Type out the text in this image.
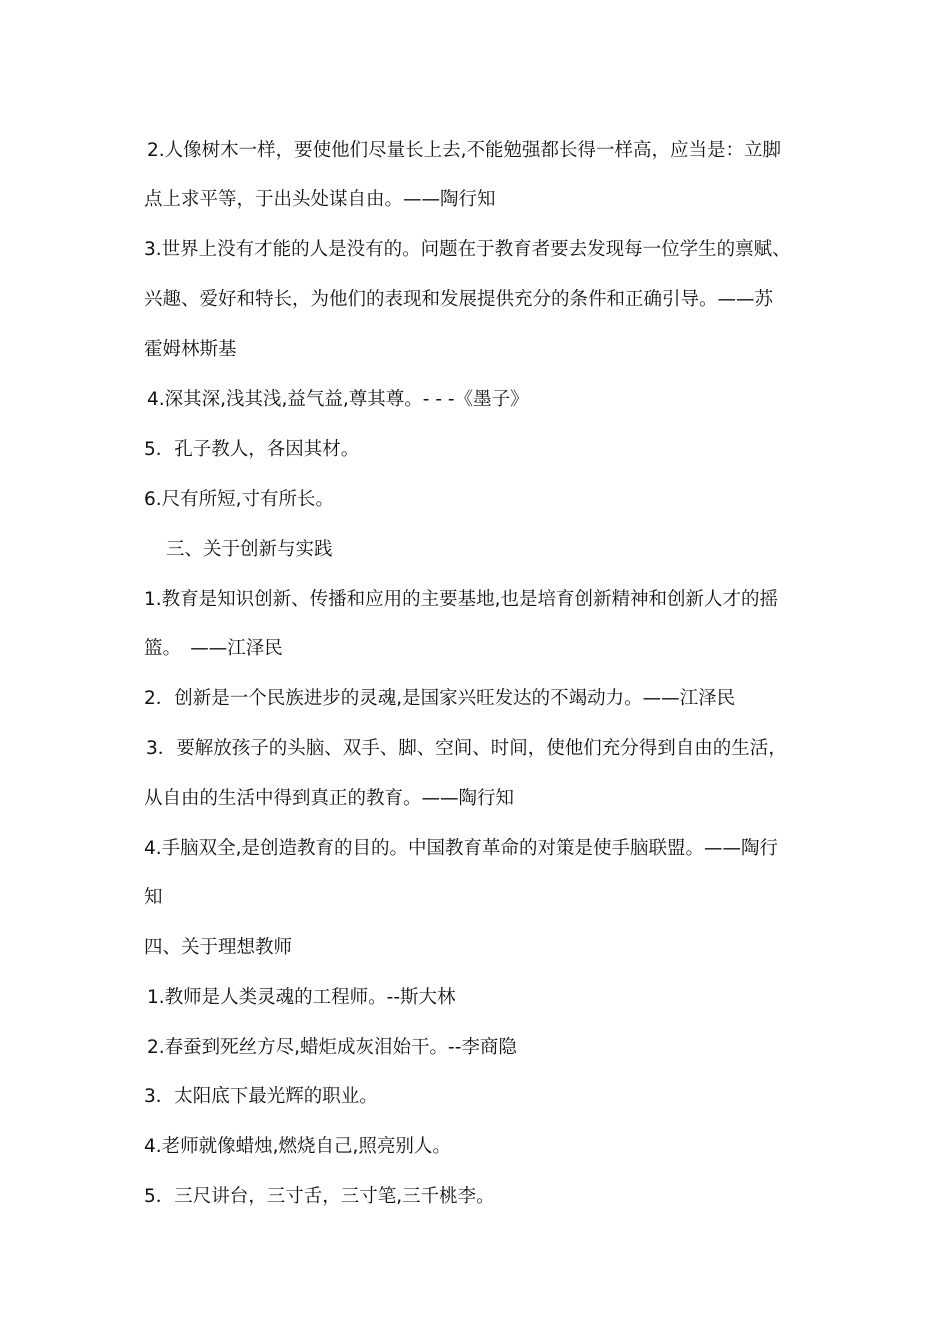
2.人像树木一样，要使他们尽量长上去,不能勉强都长得一样高，应当是：立脚
点上求平等，于出头处谋自由。——陶行知
3.世界上没有才能的人是没有的。问题在于教育者要去发现每一位学生的禀赋、
兴趣、爱好和特长，为他们的表现和发展提供充分的条件和正确引导。——苏
霍姆林斯基
4.深其深,浅其浅,益气益,尊其尊。- - -《墨子》
5．孔子教人，各因其材。
6.尺有所短,寸有所长。
三、关于创新与实践
1.教育是知识创新、传播和应用的主要基地,也是培育创新精神和创新人才的摇
篮。　——江泽民
2．创新是一个民族进步的灵魂,是国家兴旺发达的不竭动力。——江泽民
3．要解放孩子的头脑、双手、脚、空间、时间，使他们充分得到自由的生活，
从自由的生活中得到真正的教育。——陶行知
4.手脑双全,是创造教育的目的。中国教育革命的对策是使手脑联盟。——陶行
知
四、关于理想教师
1.教师是人类灵魂的工程师。--斯大林
2.春蚕到死丝方尽,蜡炬成灰泪始干。--李商隐
3．太阳底下最光辉的职业。
4.老师就像蜡烛,燃烧自己,照亮别人。
5．三尺讲台，三寸舌，三寸笔,三千桃李。
